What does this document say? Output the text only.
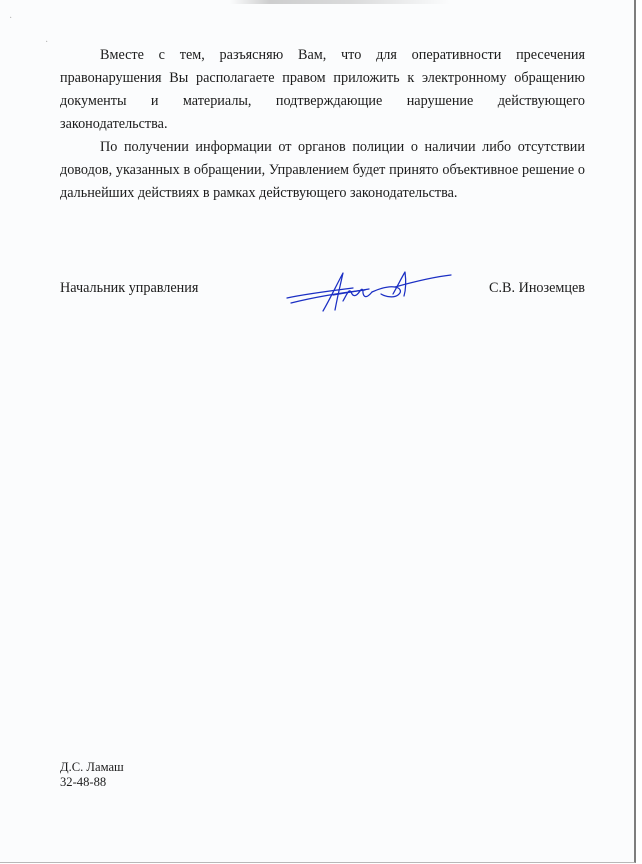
·
·

Вместе с тем, разъясняю Вам, что для оперативности пресечения правонарушения Вы располагаете правом приложить к электронному обращению документы и материалы, подтверждающие нарушение действующего законодательства.

По получении информации от органов полиции о наличии либо отсутствии доводов, указанных в обращении, Управлением будет принято объективное решение о дальнейших действиях в рамках действующего законодательства.

Начальник управления	С.В. Иноземцев
Д.С. Ламаш
32-48-88
